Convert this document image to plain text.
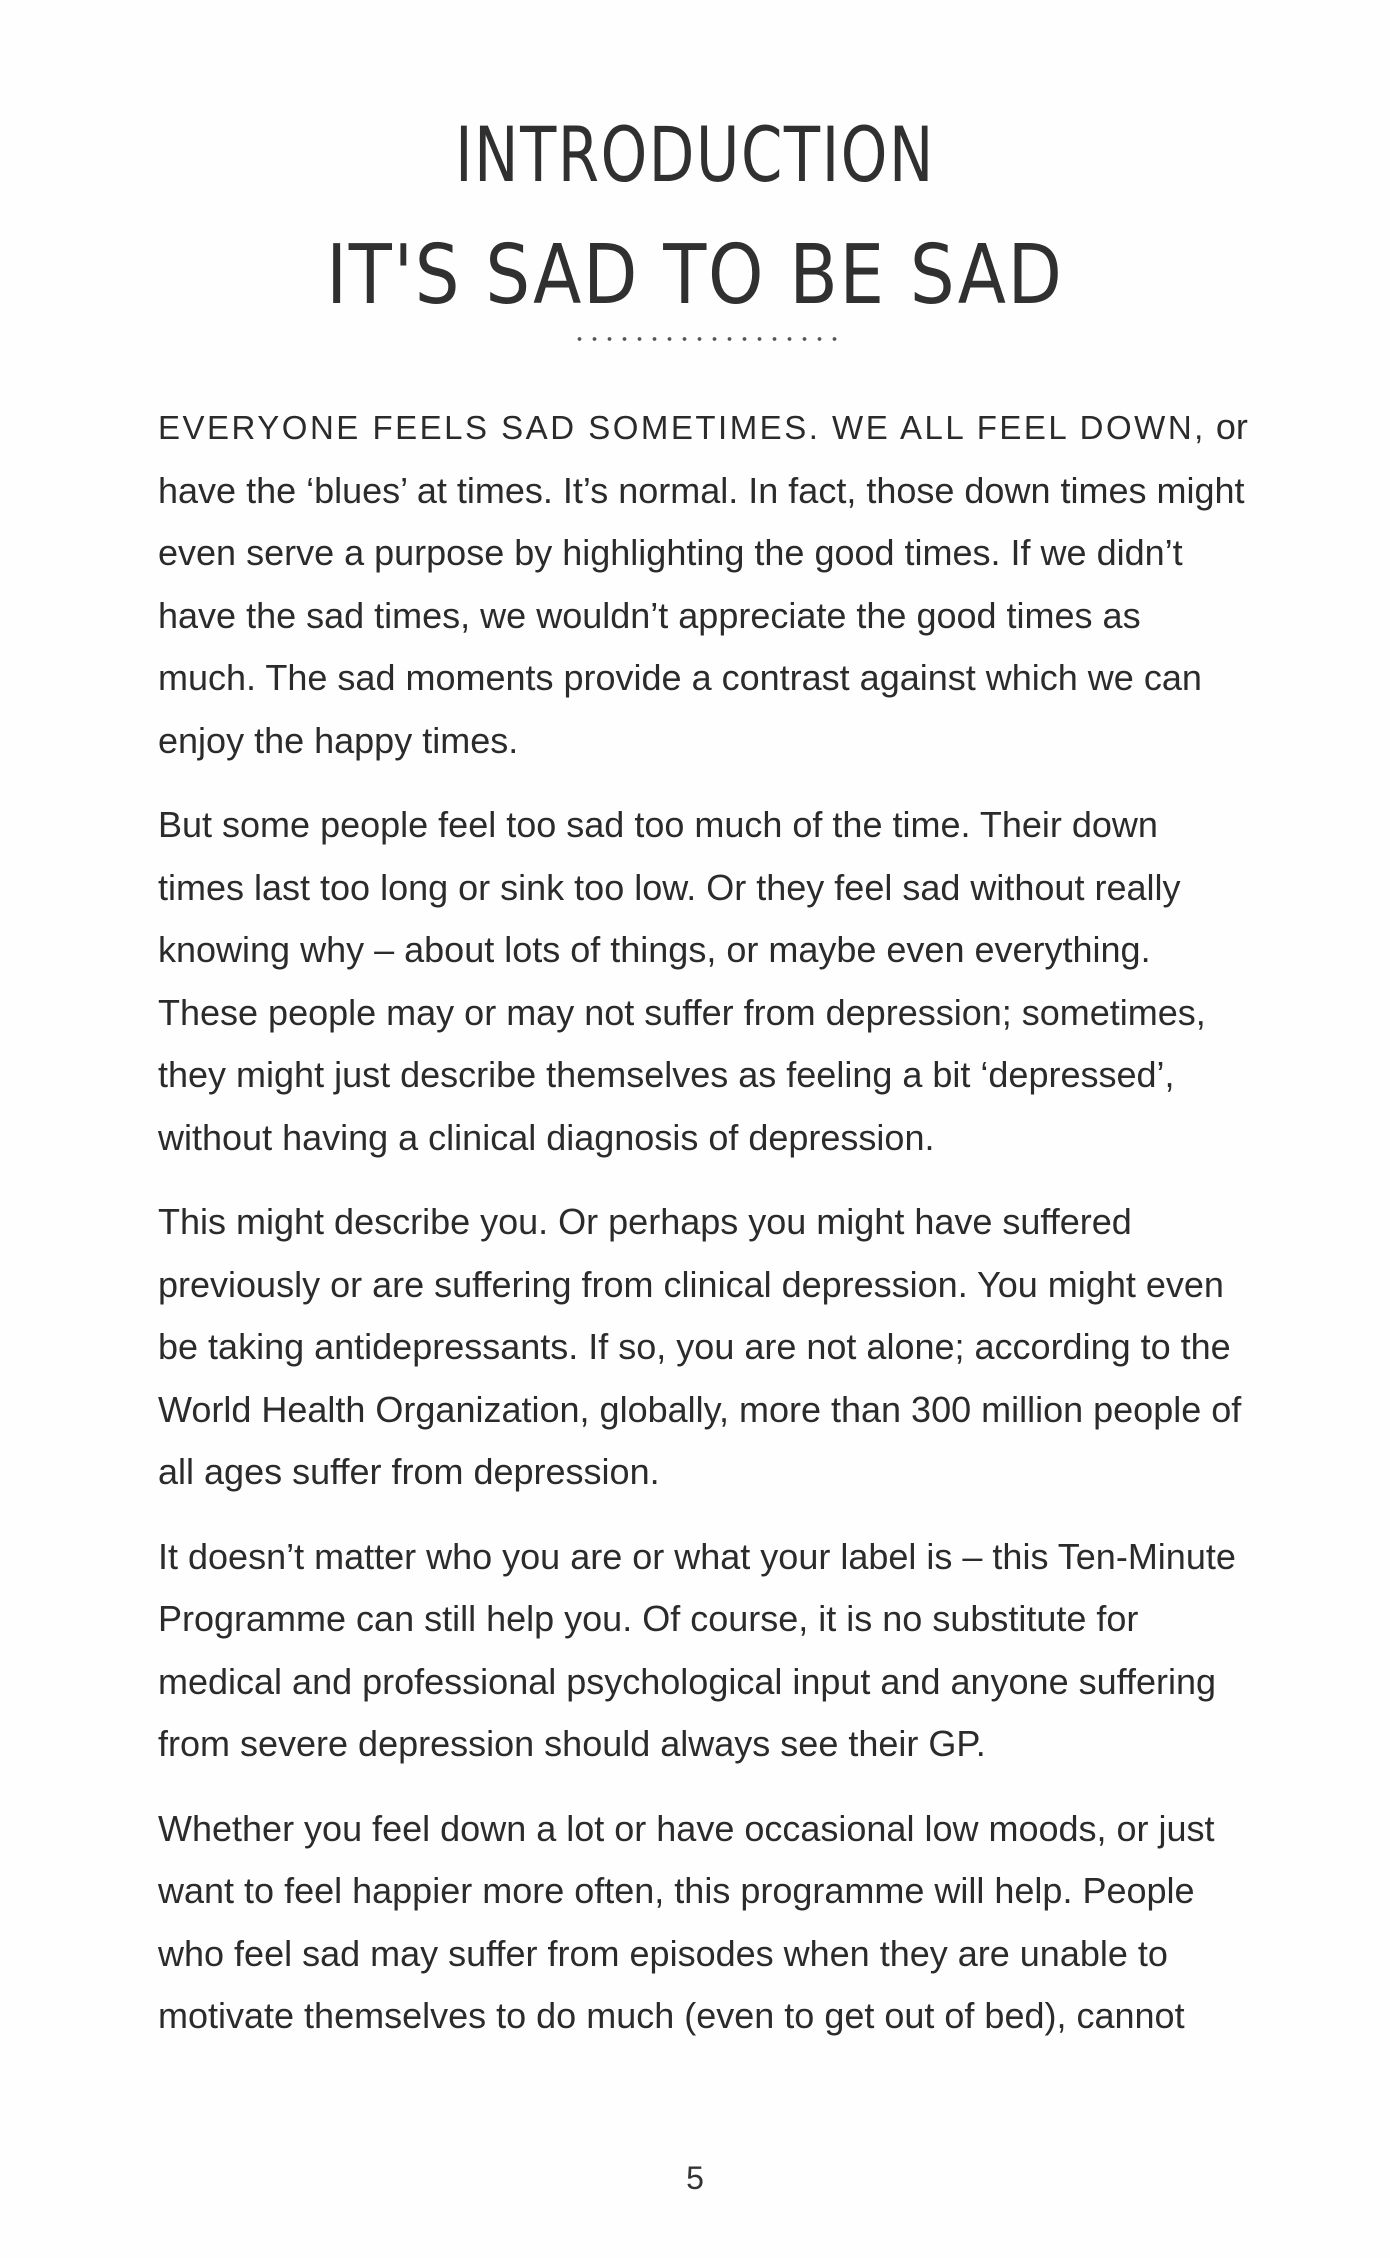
INTRODUCTION
IT'S SAD TO BE SAD

EVERYONE FEELS SAD SOMETIMES. WE ALL FEEL DOWN, or have the ‘blues’ at times. It’s normal. In fact, those down times might even serve a purpose by highlighting the good times. If we didn’t have the sad times, we wouldn’t appreciate the good times as much. The sad moments provide a contrast against which we can enjoy the happy times.

But some people feel too sad too much of the time. Their down times last too long or sink too low. Or they feel sad without really knowing why – about lots of things, or maybe even everything. These people may or may not suffer from depression; sometimes, they might just describe themselves as feeling a bit ‘depressed’, without having a clinical diagnosis of depression.

This might describe you. Or perhaps you might have suffered previously or are suffering from clinical depression. You might even be taking antidepressants. If so, you are not alone; according to the World Health Organization, globally, more than 300 million people of all ages suffer from depression.

It doesn’t matter who you are or what your label is – this Ten-Minute Programme can still help you. Of course, it is no substitute for medical and professional psychological input and anyone suffering from severe depression should always see their GP.

Whether you feel down a lot or have occasional low moods, or just want to feel happier more often, this programme will help. People who feel sad may suffer from episodes when they are unable to motivate themselves to do much (even to get out of bed), cannot

5
